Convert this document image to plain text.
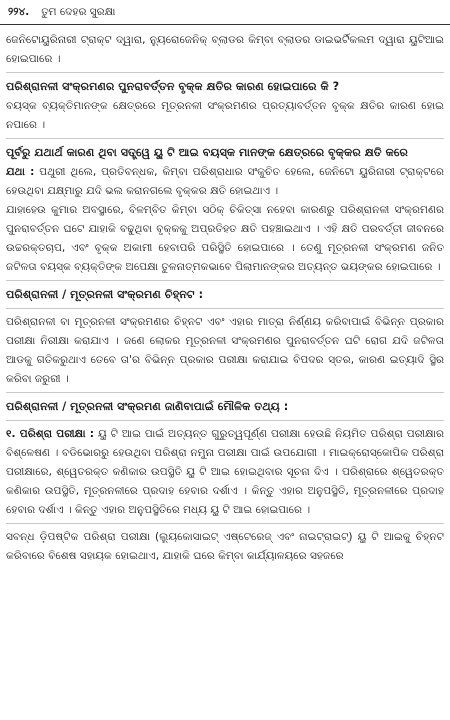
୨୨୪. ତୁମ ଦେହର ସୁରକ୍ଷା

ଜେନିଟୋୟୁରିନାରୀ ଟ୍ରାକ୍ଟ ଦ୍ୱାରା, ନ୍ୟୁରୋଜେନିକ୍ ବ୍ଲାଡର କିମ୍ବା ବ୍ଲାଡର ଡାଇଭର୍ଟିକଲମ ଦ୍ୱାରା ୟୁଟିଆଇ ହୋଇପାରେ ।

ପରିଶ୍ରାନଳୀ ସଂକ୍ରମଣର ପୁନରାବର୍ତ୍ତନ ବୃକ୍କ କ୍ଷତିର କାରଣ ହୋଇପାରେ କି ?

ବୟସ୍କ ବ୍ୟକ୍ତିମାନଙ୍କ କ୍ଷେତ୍ରରେ ମୂତ୍ରନଳୀ ସଂକ୍ରମଣର ପ୍ରତ୍ୟାବର୍ତ୍ତନ ବୃକ୍କ କ୍ଷତିର କାରଣ ହୋଇ ନପାରେ ।

ପୂର୍ବରୁ ଯଥାର୍ଥ କାରଣ ଥିବା ସତ୍ତ୍ୱେ ୟୁ ଟି ଆଇ ବୟସ୍କ ମାନଙ୍କ କ୍ଷେତ୍ରରେ ବୃକ୍କର କ୍ଷତି କରେ

ଯଥା : ପଥୁରୀ ଥିଲେ, ପ୍ରତିବନ୍ଧକ, କିମ୍ବା ପରିଶ୍ରାଧାର ସଂକୁଚିତ ହେଲେ, ଜେନିଟୋ ୟୁରିନାରୀ ଟ୍ରାକ୍ଟରେ ହେଉଥିବା ଯକ୍ଷ୍ମାରୁ ଯଦି ଭଲ କରାନଗଲେ ବୃକ୍କର କ୍ଷତି ହୋଇଥାଏ ।

ଯାହାହେଉ କୁମାର ଅବସ୍ଥାରେ, ବିଳମ୍ବିତ କିମ୍ବା ସଠିକ୍ ଚିକିତ୍ସା ନହେବା କାରଣରୁ ପରିଶ୍ରାନଳୀ ସଂକ୍ରମଣର ପୁନରାବର୍ତ୍ତନ ଘଟେ ଯାହାକି ବଢୁଥିବା ବୃକ୍କକୁ ଅପ୍ରତିହତ କ୍ଷତି ପହଞ୍ଚାଇଥାଏ । ଏହି କ୍ଷତି ପରବର୍ତ୍ତୀ ଜୀବନରେ ଉଚ୍ଚରକ୍ତଚାପ, ଏବଂ ବୃକ୍କ ଅକାମୀ ହେବାପରି ପରିସ୍ଥିତି ହୋଇପାରେ । ତେଣୁ ମୂତ୍ରନଳୀ ସଂକ୍ରମଣ ଜନିତ ଜଟିଳତା ବୟସ୍କ ବ୍ୟକ୍ତିଙ୍କ ଅପେକ୍ଷା ତୁଳନାତ୍ମକଭାବେ ପିଲାମାନଙ୍କର ଅତ୍ୟନ୍ତ ଭୟଙ୍କର ହୋଇପାରେ ।

ପରିଶ୍ରାନଳୀ / ମୂତ୍ରନଳୀ ସଂକ୍ରମଣ ଚିହ୍ନଟ :

ପରିଶ୍ରାନଳୀ ବା ମୂତ୍ରନଳୀ ସଂକ୍ରମଣର ଚିହ୍ନଟ ଏବଂ ଏହାର ମାତ୍ରା ନିର୍ଣ୍ଣୟ କରିବାପାଇଁ ବିଭିନ୍ନ ପ୍ରକାର ପରୀକ୍ଷା ନିରୀକ୍ଷା କରାଯାଏ । ଜଣେ ଲୋକର ମୂତ୍ରନଳୀ ସଂକ୍ରମଣର ପୁନରାବର୍ତ୍ତନ ଘଟି ରୋଗ ଯଦି ଜଟିଳତା ଆଡକୁ ଗତିକରୁଥାଏ ତେବେ ତା'ର ବିଭିନ୍ନ ପ୍ରକାର ପରୀକ୍ଷା କରାଯାଇ ବିପଦର ସ୍ତର, କାରଣ ଇତ୍ୟାଦି ସ୍ଥିର କରିବା ଜରୁରୀ ।

ପରିଶ୍ରାନଳୀ / ମୂତ୍ରନଳୀ ସଂକ୍ରମଣ ଜାଣିବାପାଇଁ ମୌଳିକ ତଥ୍ୟ :

୧. ପରିଶ୍ରା ପରୀକ୍ଷା : ୟୁ ଟି ଆଇ ପାଇଁ ଅତ୍ୟନ୍ତ ଗୁରୁତ୍ୱପୂର୍ଣ୍ଣ ପରୀକ୍ଷା ହେଉଛି ନିୟମିତ ପରିଶ୍ରା ପରୀକ୍ଷାର ବିଶ୍ଳେଷଣ । ବଡିଭୋରରୁ ହେଉଥିବା ପରିଶ୍ରା ନମୁନା ପରୀକ୍ଷା ପାଇଁ ଉପଯୋଗୀ । ମାଇକ୍ରୋସ୍କୋପିକ ପରିଶ୍ରା ପରୀକ୍ଷାରେ, ଶ୍ୱେତରକ୍ତ କଣିକାର ଉପସ୍ଥିତି ୟୁ ଟି ଆଇ ହୋଇଥିବାର ସୂଚନା ଦିଏ । ପରିଶ୍ରାରେ ଶ୍ୱେତରକ୍ତ କଣିକାର ଉପସ୍ଥିତି, ମୂତ୍ରନଳୀରେ ପ୍ରଦାହ ହେବାର ଦର୍ଶାଏ । କିନ୍ତୁ ଏହାର ଅନୁପସ୍ଥିତି, ମୂତ୍ରନଳୀରେ ପ୍ରଦାହ ହେବାର ଦର୍ଶାଏ । କିନ୍ତୁ ଏହାର ଅନୁପସ୍ଥିତିରେ ମଧ୍ୟ ୟୁ ଟି ଆଇ ହୋଇପାରେ ।

ସବନ୍ଧ ଡ଼ିପଷ୍ଟିକ ପରିଶ୍ରା ପରୀକ୍ଷା (ଲ୍ୟୁକୋସାଇଟ୍ ଏଷ୍ଟେରେଜ୍ ଏବଂ ନାଇଟ୍ରାଇଟ୍) ୟୁ ଟି ଆଇକୁ ଚିହ୍ନଟ କରିବାରେ ବିଶେଷ ସହାୟକ ହୋଇଥାଏ, ଯାହାକି ଘରେ କିମ୍ବା କାର୍ଯ୍ୟାଳୟରେ ସହଜରେ
